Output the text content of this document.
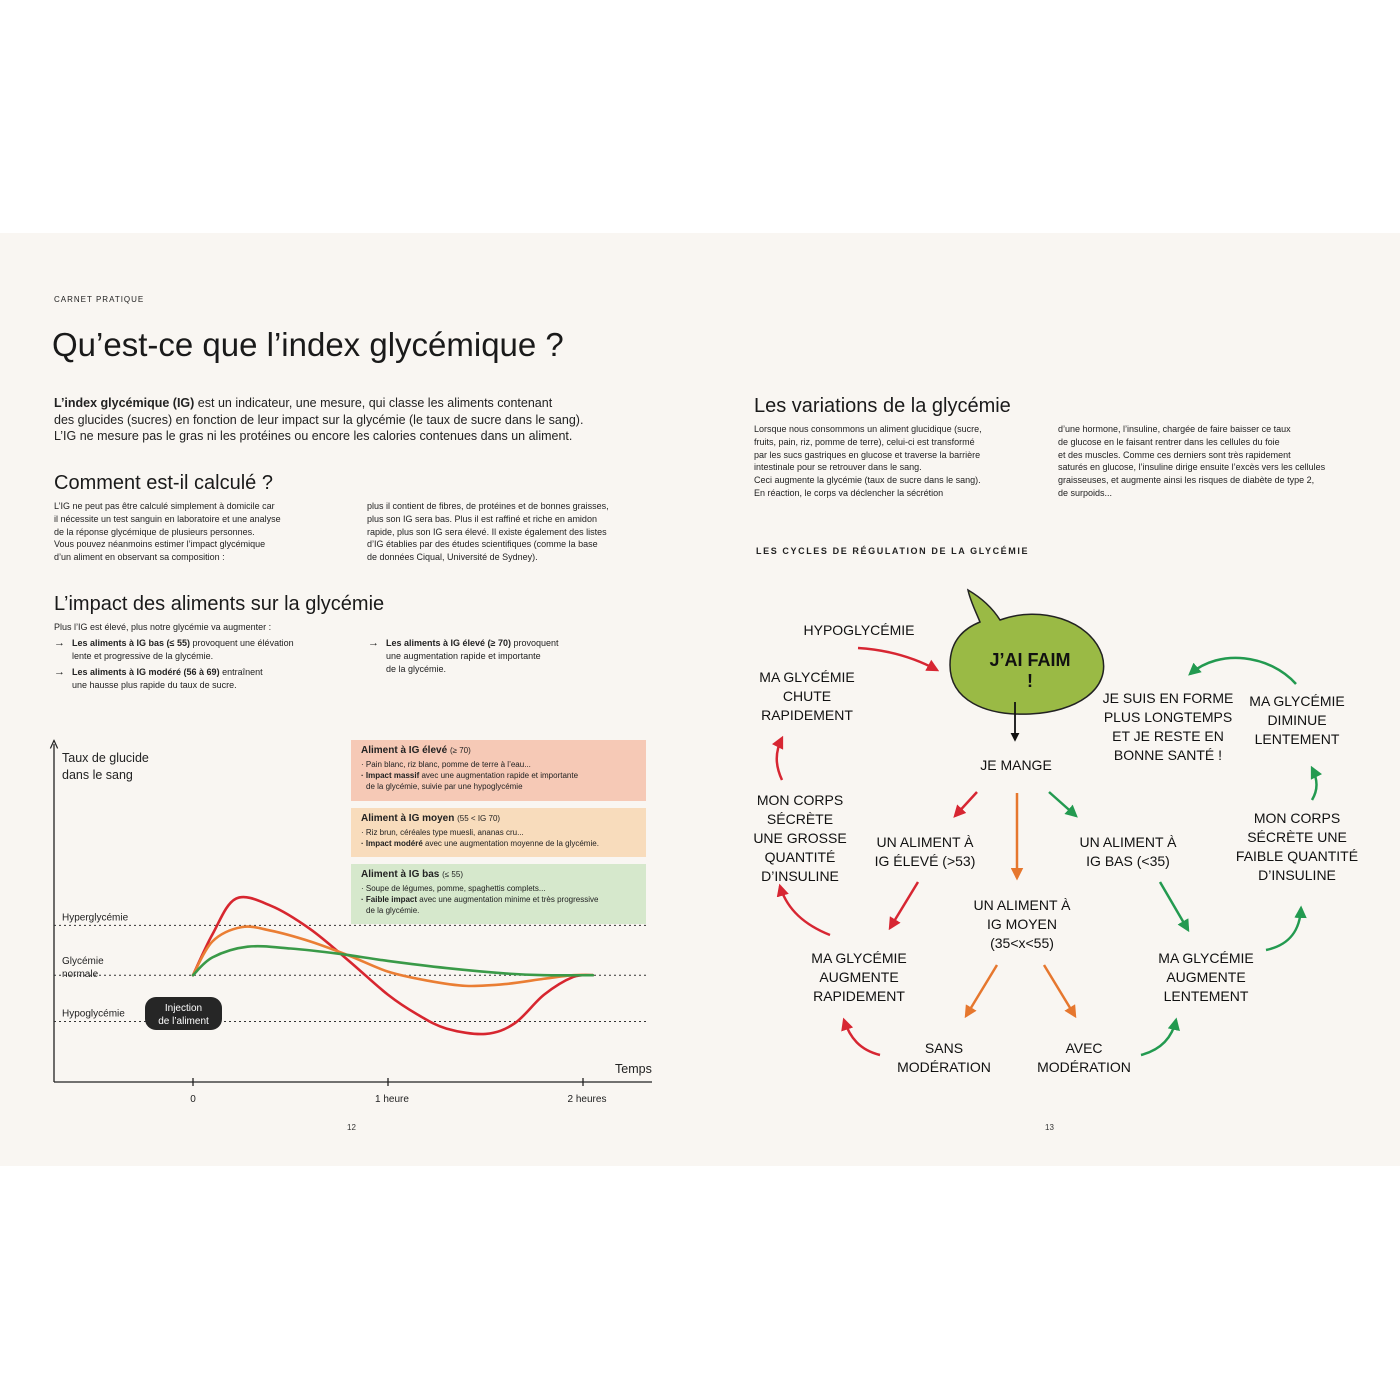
CARNET PRATIQUE
Qu’est-ce que l’index glycémique ?
L’index glycémique (IG) est un indicateur, une mesure, qui classe les aliments contenant
des glucides (sucres) en fonction de leur impact sur la glycémie (le taux de sucre dans le sang).
L’IG ne mesure pas le gras ni les protéines ou encore les calories contenues dans un aliment.
Comment est-il calculé ?

L’IG ne peut pas être calculé simplement à domicile car

il nécessite un test sanguin en laboratoire et une analyse

de la réponse glycémique de plusieurs personnes.

Vous pouvez néanmoins estimer l’impact glycémique

d’un aliment en observant sa composition :

plus il contient de fibres, de protéines et de bonnes graisses,

plus son IG sera bas. Plus il est raffiné et riche en amidon

rapide, plus son IG sera élevé. Il existe également des listes

d’IG établies par des études scientifiques (comme la base

de données Ciqual, Université de Sydney).

L’impact des aliments sur la glycémie
Plus l’IG est élevé, plus notre glycémie va augmenter :
→ Les aliments à IG bas (≤ 55) provoquent une élévation
lente et progressive de la glycémie.
→ Les aliments à IG modéré (56 à 69) entraînent
une hausse plus rapide du taux de sucre.
→ Les aliments à IG élevé (≥ 70) provoquent
une augmentation rapide et importante
de la glycémie.
Taux de glucide dans le sang
Temps
Hyperglycémie
Glycémie
normale
Hypoglycémie
0	1 heure	2 heures
Injection
de l’aliment
Aliment à IG élevé (≥ 70)
· Pain blanc, riz blanc, pomme de terre à l’eau...
· Impact massif avec une augmentation rapide et importante
de la glycémie, suivie par une hypoglycémie
Aliment à IG moyen (55 < IG 70)
· Riz brun, céréales type muesli, ananas cru...
· Impact modéré avec une augmentation moyenne de la glycémie.
Aliment à IG bas (≤ 55)
· Soupe de légumes, pomme, spaghettis complets...
· Faible impact avec une augmentation minime et très progressive
de la glycémie.
12
Les variations de la glycémie

Lorsque nous consommons un aliment glucidique (sucre,

fruits, pain, riz, pomme de terre), celui-ci est transformé

par les sucs gastriques en glucose et traverse la barrière

intestinale pour se retrouver dans le sang.

Ceci augmente la glycémie (taux de sucre dans le sang).

En réaction, le corps va déclencher la sécrétion

d’une hormone, l’insuline, chargée de faire baisser ce taux

de glucose en le faisant rentrer dans les cellules du foie

et des muscles. Comme ces derniers sont très rapidement

saturés en glucose, l’insuline dirige ensuite l’excès vers les cellules

graisseuses, et augmente ainsi les risques de diabète de type 2,

de surpoids...

LES CYCLES DE RÉGULATION DE LA GLYCÉMIE
J’AI FAIM !
HYPOGLYCÉMIE
JE MANGE
MA GLYCÉMIE
CHUTE
RAPIDEMENT
MON CORPS
SÉCRÈTE
UNE GROSSE
QUANTITÉ
D’INSULINE
UN ALIMENT À
IG ÉLEVÉ (>53)
UN ALIMENT À
IG MOYEN
(35<x<55)
UN ALIMENT À
IG BAS (<35)
MA GLYCÉMIE
AUGMENTE
RAPIDEMENT
MA GLYCÉMIE
AUGMENTE
LENTEMENT
SANS
MODÉRATION
AVEC
MODÉRATION
MON CORPS
SÉCRÈTE UNE
FAIBLE QUANTITÉ
D’INSULINE
MA GLYCÉMIE
DIMINUE
LENTEMENT
JE SUIS EN FORME
PLUS LONGTEMPS
ET JE RESTE EN
BONNE SANTÉ !
13
